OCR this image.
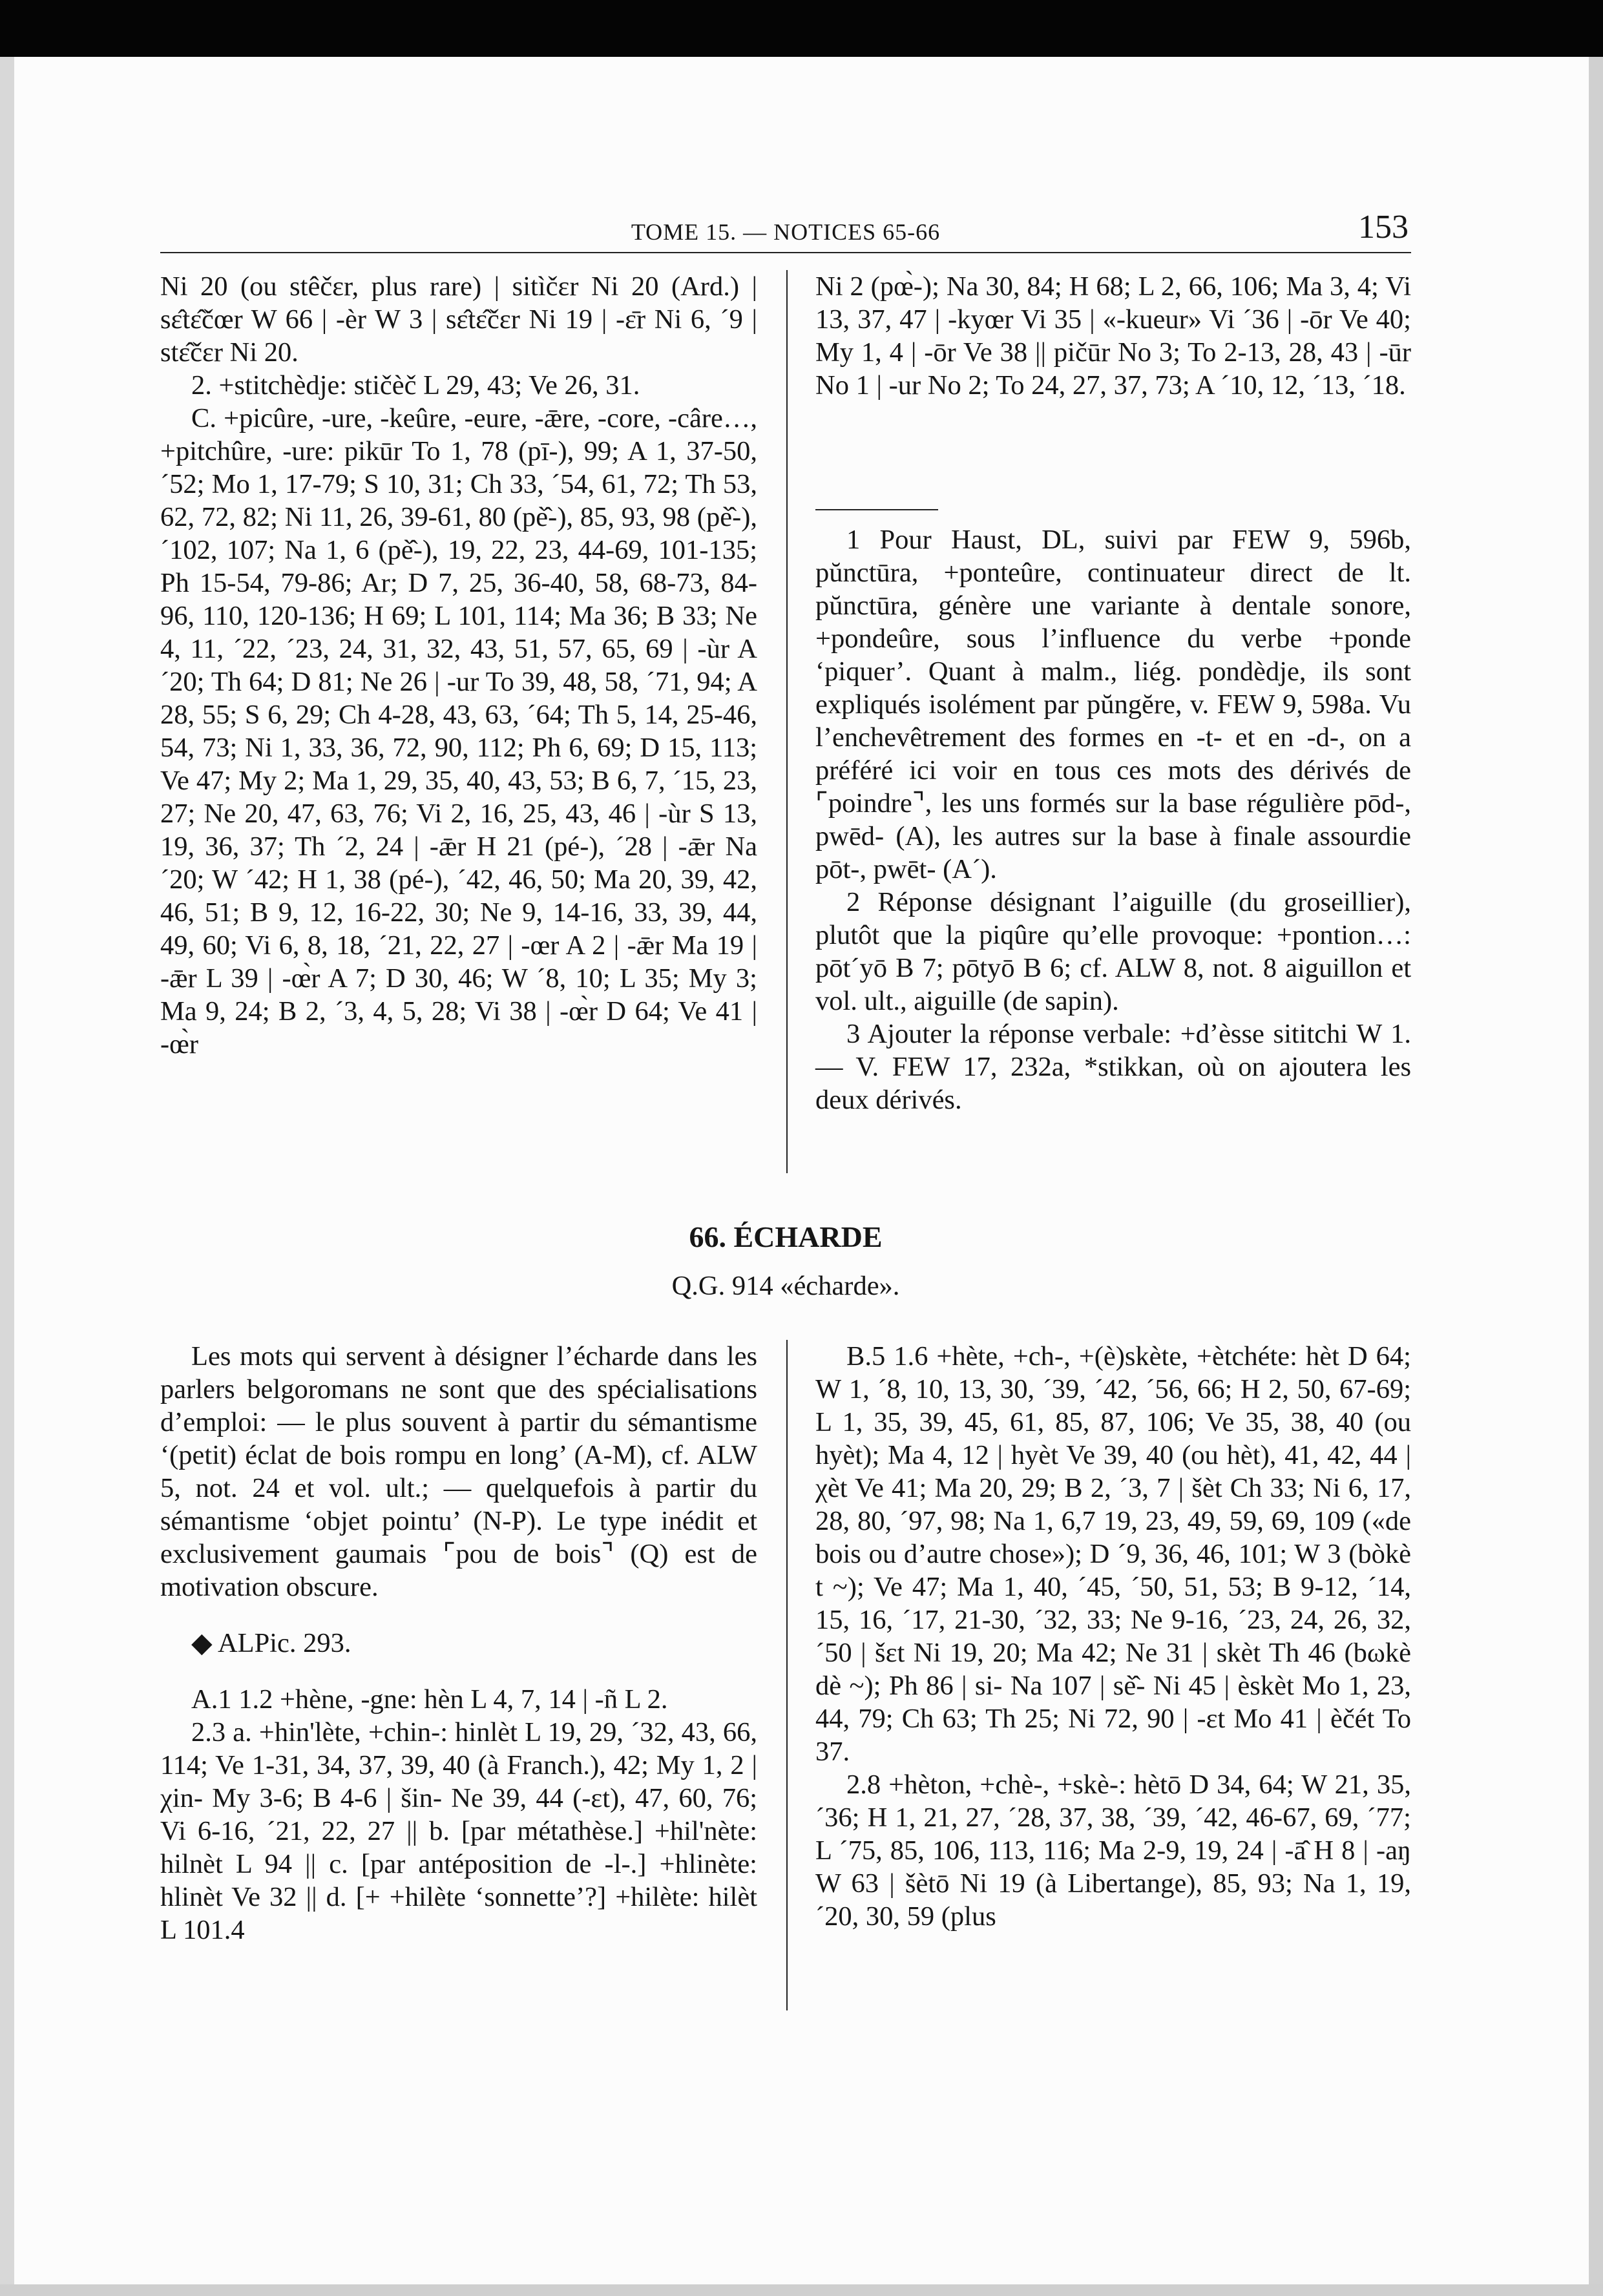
TOME 15. — NOTICES 65-66	153

Ni 20 (ou stêčɛr, plus rare) | sitìčɛr Ni 20 (Ard.) | sɛ̂tɛ̂čœr W 66 | -èr W 3 | sɛ̂tɛ̂čɛr Ni 19 | -ɛ̄r Ni 6, ´9 | stɛ̂čɛr Ni 20.

2. +stitchèdje: stičèč L 29, 43; Ve 26, 31.

C. +picûre, -ure, -keûre, -eure, -ǣre, -core, -câre…, +pitchûre, -ure: pikūr To 1, 78 (pī-), 99; A 1, 37-50, ´52; Mo 1, 17-79; S 10, 31; Ch 33, ´54, 61, 72; Th 53, 62, 72, 82; Ni 11, 26, 39-61, 80 (pè̂-), 85, 93, 98 (pè̂-), ´102, 107; Na 1, 6 (pè̂-), 19, 22, 23, 44-69, 101-135; Ph 15-54, 79-86; Ar; D 7, 25, 36-40, 58, 68-73, 84-96, 110, 120-136; H 69; L 101, 114; Ma 36; B 33; Ne 4, 11, ´22, ´23, 24, 31, 32, 43, 51, 57, 65, 69 | -ùr A ´20; Th 64; D 81; Ne 26 | -ur To 39, 48, 58, ´71, 94; A 28, 55; S 6, 29; Ch 4-28, 43, 63, ´64; Th 5, 14, 25-46, 54, 73; Ni 1, 33, 36, 72, 90, 112; Ph 6, 69; D 15, 113; Ve 47; My 2; Ma 1, 29, 35, 40, 43, 53; B 6, 7, ´15, 23, 27; Ne 20, 47, 63, 76; Vi 2, 16, 25, 43, 46 | -ùr S 13, 19, 36, 37; Th ´2, 24 | -ǣr H 21 (pé-), ´28 | -ǣr Na ´20; W ´42; H 1, 38 (pé-), ´42, 46, 50; Ma 20, 39, 42, 46, 51; B 9, 12, 16-22, 30; Ne 9, 14-16, 33, 39, 44, 49, 60; Vi 6, 8, 18, ´21, 22, 27 | -œr A 2 | -ǣr Ma 19 | -ǣr L 39 | -œ̀r A 7; D 30, 46; W ´8, 10; L 35; My 3; Ma 9, 24; B 2, ´3, 4, 5, 28; Vi 38 | -œ̀r D 64; Ve 41 | -œ̀r

Ni 2 (pœ̀-); Na 30, 84; H 68; L 2, 66, 106; Ma 3, 4; Vi 13, 37, 47 | -kyœr Vi 35 | «-kueur» Vi ´36 | -ōr Ve 40; My 1, 4 | -ōr Ve 38 || pičūr No 3; To 2-13, 28, 43 | -ūr No 1 | -ur No 2; To 24, 27, 37, 73; A ´10, 12, ´13, ´18.

1 Pour Haust, DL, suivi par FEW 9, 596b, pŭnctūra, +ponteûre, continuateur direct de lt. pŭnctūra, génère une variante à dentale sonore, +pondeûre, sous l’influence du verbe +ponde ‘piquer’. Quant à malm., liég. pondèdje, ils sont expliqués isolément par pŭngĕre, v. FEW 9, 598a. Vu l’enchevêtrement des formes en -t- et en -d-, on a préféré ici voir en tous ces mots des dérivés de ⌜poindre⌝, les uns formés sur la base régulière pōd-, pwēd- (A), les autres sur la base à finale assourdie pōt-, pwēt- (A´).

2 Réponse désignant l’aiguille (du groseillier), plutôt que la piqûre qu’elle provoque: +pontion…: pōt´yō B 7; pōtyō B 6; cf. ALW 8, not. 8 aiguillon et vol. ult., aiguille (de sapin).

3 Ajouter la réponse verbale: +d’èsse sititchi W 1. — V. FEW 17, 232a, *stikkan, où on ajoutera les deux dérivés.

66. ÉCHARDE
Q.G. 914 «écharde».

Les mots qui servent à désigner l’écharde dans les parlers belgoromans ne sont que des spécialisations d’emploi: — le plus souvent à partir du sémantisme ‘(petit) éclat de bois rompu en long’ (A-M), cf. ALW 5, not. 24 et vol. ult.; — quelquefois à partir du sémantisme ‘objet pointu’ (N-P). Le type inédit et exclusivement gaumais ⌜pou de bois⌝ (Q) est de motivation obscure.

◆ ALPic. 293.

A.1 1.2 +hène, -gne: hèn L 4, 7, 14 | -ñ L 2.

2.3 a. +hin'lète, +chin-: hinlèt L 19, 29, ´32, 43, 66, 114; Ve 1-31, 34, 37, 39, 40 (à Franch.), 42; My 1, 2 | χin- My 3-6; B 4-6 | šin- Ne 39, 44 (-ɛt), 47, 60, 76; Vi 6-16, ´21, 22, 27 || b. [par métathèse.] +hil'nète: hilnèt L 94 || c. [par antéposition de -l-.] +hlinète: hlinèt Ve 32 || d. [+ +hilète ‘sonnette’?] +hilète: hilèt L 101.4

B.5 1.6 +hète, +ch-, +(è)skète, +ètchéte: hèt D 64; W 1, ´8, 10, 13, 30, ´39, ´42, ´56, 66; H 2, 50, 67-69; L 1, 35, 39, 45, 61, 85, 87, 106; Ve 35, 38, 40 (ou hyèt); Ma 4, 12 | hyèt Ve 39, 40 (ou hèt), 41, 42, 44 | χèt Ve 41; Ma 20, 29; B 2, ´3, 7 | šèt Ch 33; Ni 6, 17, 28, 80, ´97, 98; Na 1, 6,7 19, 23, 49, 59, 69, 109 («de bois ou d’autre chose»); D ´9, 36, 46, 101; W 3 (bòkè t ~); Ve 47; Ma 1, 40, ´45, ´50, 51, 53; B 9-12, ´14, 15, 16, ´17, 21-30, ´32, 33; Ne 9-16, ´23, 24, 26, 32, ´50 | šɛt Ni 19, 20; Ma 42; Ne 31 | skèt Th 46 (bωkè dè ~); Ph 86 | si- Na 107 | sè̂- Ni 45 | èskèt Mo 1, 23, 44, 79; Ch 63; Th 25; Ni 72, 90 | -ɛt Mo 41 | èčét To 37.

2.8 +hèton, +chè-, +skè-: hètō D 34, 64; W 21, 35, ´36; H 1, 21, 27, ´28, 37, 38, ´39, ´42, 46-67, 69, ´77; L ´75, 85, 106, 113, 116; Ma 2-9, 19, 24 | -ā̂ H 8 | -aŋ W 63 | šètō Ni 19 (à Libertange), 85, 93; Na 1, 19, ´20, 30, 59 (plus
